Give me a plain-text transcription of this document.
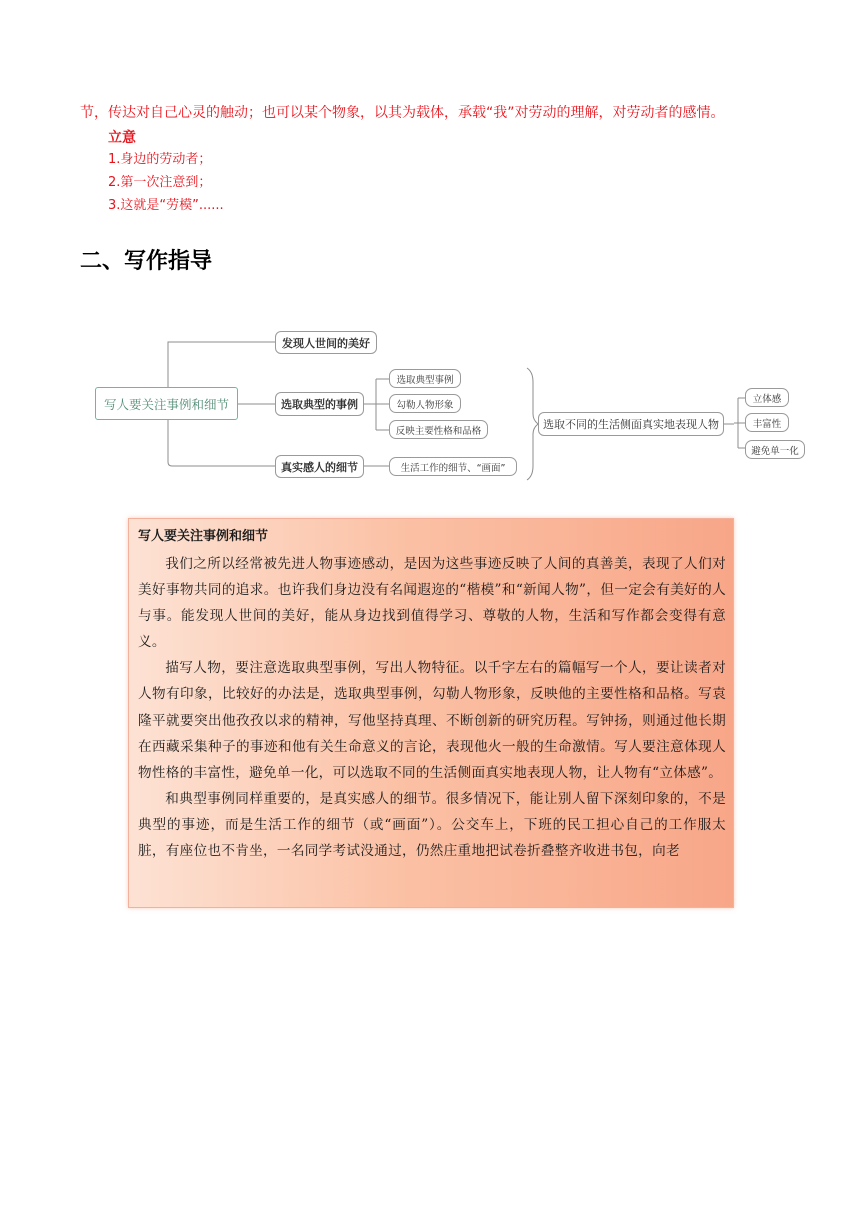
节，传达对自己心灵的触动；也可以某个物象，以其为载体，承载“我”对劳动的理解，对劳动者的感情。
立意
1.身边的劳动者；
2.第一次注意到；
3.这就是“劳模”......
二、写作指导
写人要关注事例和细节
发现人世间的美好
选取典型的事例
真实感人的细节
选取典型事例
勾勒人物形象
反映主要性格和品格
生活工作的细节、“画面”
选取不同的生活侧面真实地表现人物
立体感
丰富性
避免单一化
写人要关注事例和细节

我们之所以经常被先进人物事迹感动，是因为这些事迹反映了人间的真善美，表现了人们对美好事物共同的追求。也许我们身边没有名闻遐迩的“楷模”和“新闻人物”，但一定会有美好的人与事。能发现人世间的美好，能从身边找到值得学习、尊敬的人物，生活和写作都会变得有意义。

描写人物，要注意选取典型事例，写出人物特征。以千字左右的篇幅写一个人，要让读者对人物有印象，比较好的办法是，选取典型事例，勾勒人物形象，反映他的主要性格和品格。写袁隆平就要突出他孜孜以求的精神，写他坚持真理、不断创新的研究历程。写钟扬，则通过他长期在西藏采集种子的事迹和他有关生命意义的言论，表现他火一般的生命激情。写人要注意体现人物性格的丰富性，避免单一化，可以选取不同的生活侧面真实地表现人物，让人物有“立体感”。

和典型事例同样重要的，是真实感人的细节。很多情况下，能让别人留下深刻印象的，不是典型的事迹，而是生活工作的细节（或“画面”）。公交车上，下班的民工担心自己的工作服太脏，有座位也不肯坐，一名同学考试没通过，仍然庄重地把试卷折叠整齐收进书包，向老
